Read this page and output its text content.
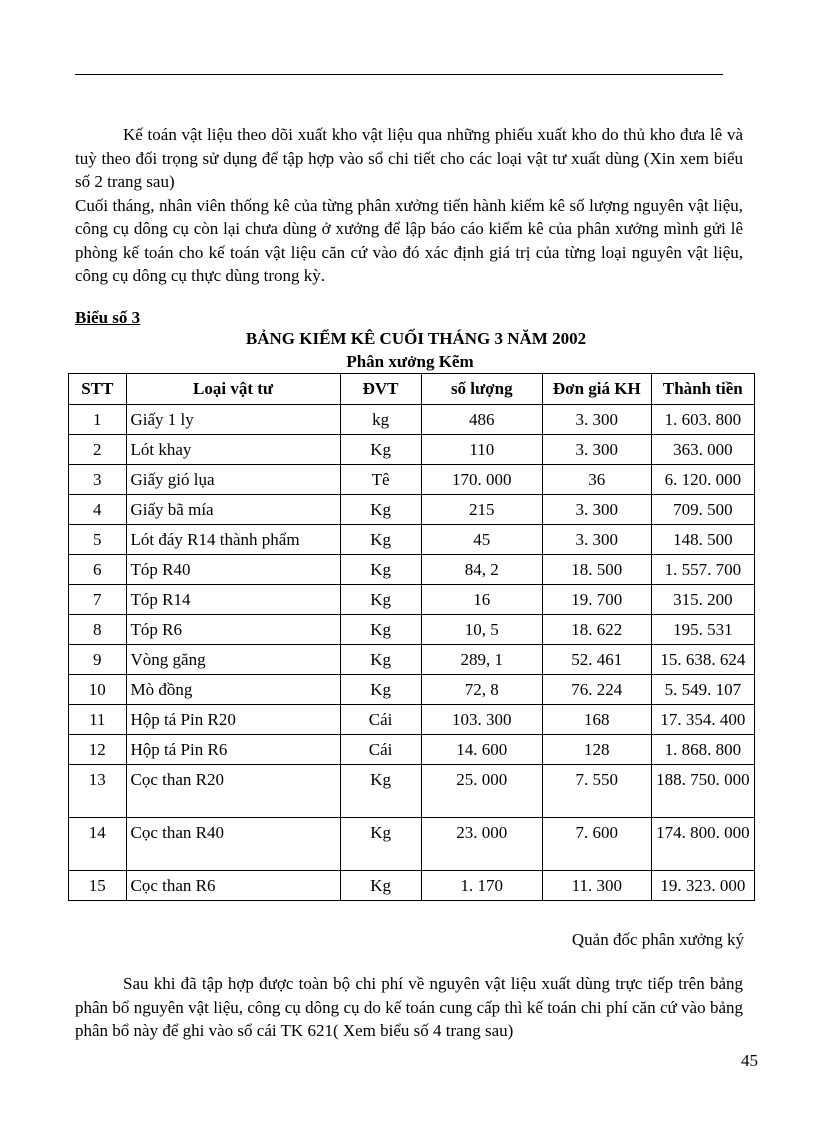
Kế toán vật liệu theo dõi xuất kho vật liệu qua những phiếu xuất kho do thủ kho đưa lê và tuỳ theo đối trọng sử dụng để tập hợp vào sổ chi tiết cho các loại vật tư xuất dùng (Xin xem biểu số 2 trang sau)
Cuối tháng, nhân viên thống kê của từng phân xưởng tiến hành kiểm kê số lượng nguyên vật liệu, công cụ dông cụ còn lại chưa dùng ở xưởng để lập báo cáo kiểm kê của phân xưởng mình gửi lê phòng kế toán cho kế toán vật liệu căn cứ vào đó xác định giá trị của từng loại nguyên vật liệu, công cụ dông cụ thực dùng trong kỳ.
Biểu số 3
BẢNG KIỂM KÊ CUỐI THÁNG 3 NĂM 2002
Phân xưởng Kẽm
STT	Loại vật tư	ĐVT	số lượng	Đơn giá KH	Thành tiền
1	Giấy 1 ly	kg	486	3. 300	1. 603. 800
2	Lót khay	Kg	110	3. 300	363. 000
3	Giấy gió lụa	Tê	170. 000	36	6. 120. 000
4	Giấy bã mía	Kg	215	3. 300	709. 500
5	Lót đáy R14 thành phẩm	Kg	45	3. 300	148. 500
6	Tóp R40	Kg	84, 2	18. 500	1. 557. 700
7	Tóp R14	Kg	16	19. 700	315. 200
8	Tóp R6	Kg	10, 5	18. 622	195. 531
9	Vòng găng	Kg	289, 1	52. 461	15. 638. 624
10	Mò đồng	Kg	72, 8	76. 224	5. 549. 107
11	Hộp tá Pin R20	Cái	103. 300	168	17. 354. 400
12	Hộp tá Pin R6	Cái	14. 600	128	1. 868. 800
13	Cọc than R20	Kg	25. 000	7. 550	188. 750. 000
14	Cọc than R40	Kg	23. 000	7. 600	174. 800. 000
15	Cọc than R6	Kg	1. 170	11. 300	19. 323. 000
Quản đốc phân xưởng ký
Sau khi đã tập hợp được toàn bộ chi phí về nguyên vật liệu xuất dùng trực tiếp trên bảng phân bổ nguyên vật liệu, công cụ dông cụ do kế toán cung cấp thì kế toán chi phí căn cứ vào bảng phân bổ này để ghi vào sổ cái TK 621( Xem biểu số 4 trang sau)
45
